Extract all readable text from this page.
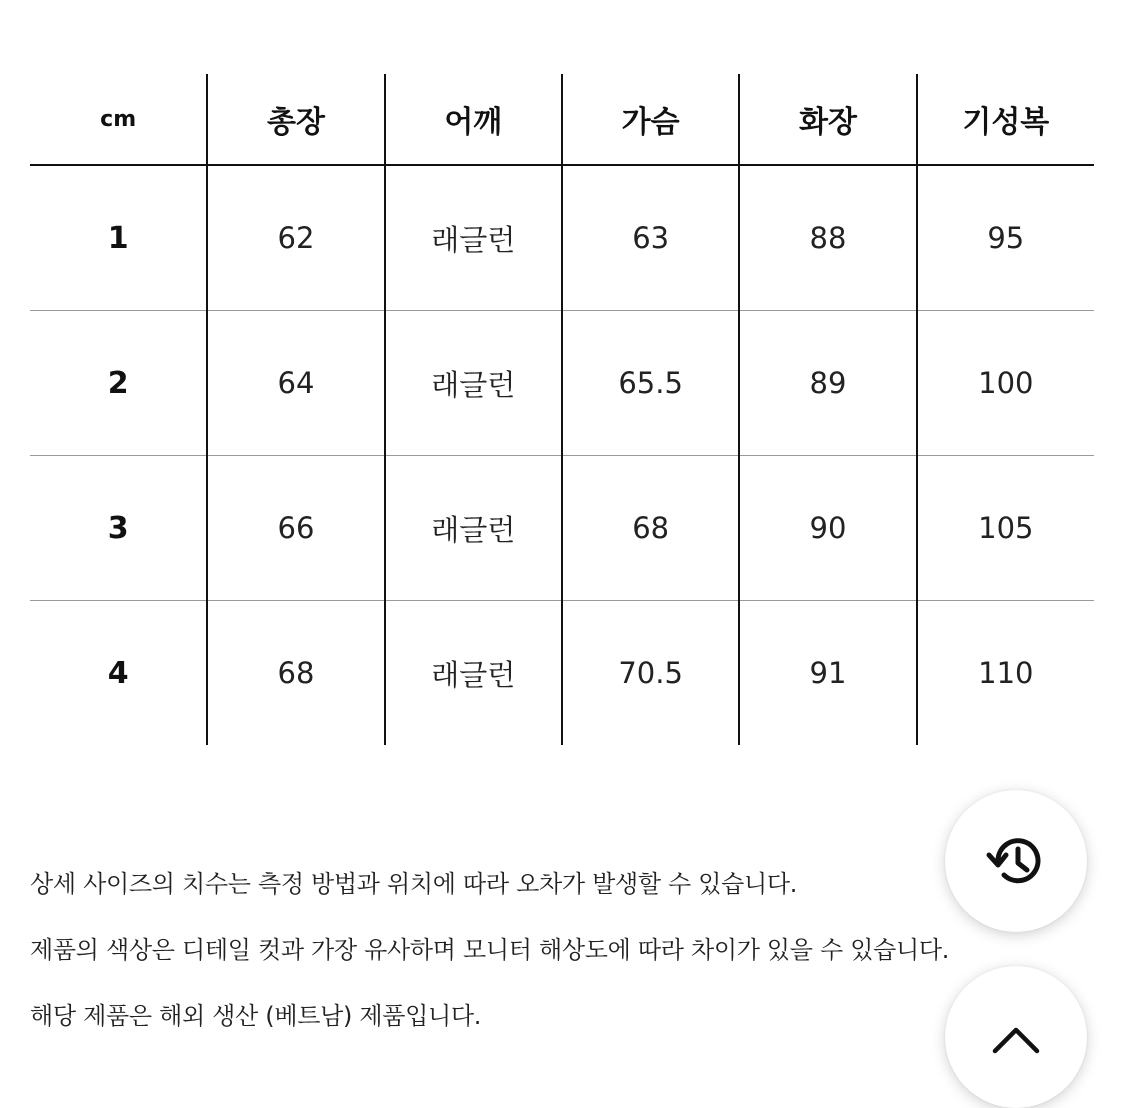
cm	총장	어깨	가슴	화장	기성복
1	62	래글런	63	88	95
2	64	래글런	65.5	89	100
3	66	래글런	68	90	105
4	68	래글런	70.5	91	110
상세 사이즈의 치수는 측정 방법과 위치에 따라 오차가 발생할 수 있습니다.
제품의 색상은 디테일 컷과 가장 유사하며 모니터 해상도에 따라 차이가 있을 수 있습니다.
해당 제품은 해외 생산 (베트남) 제품입니다.
